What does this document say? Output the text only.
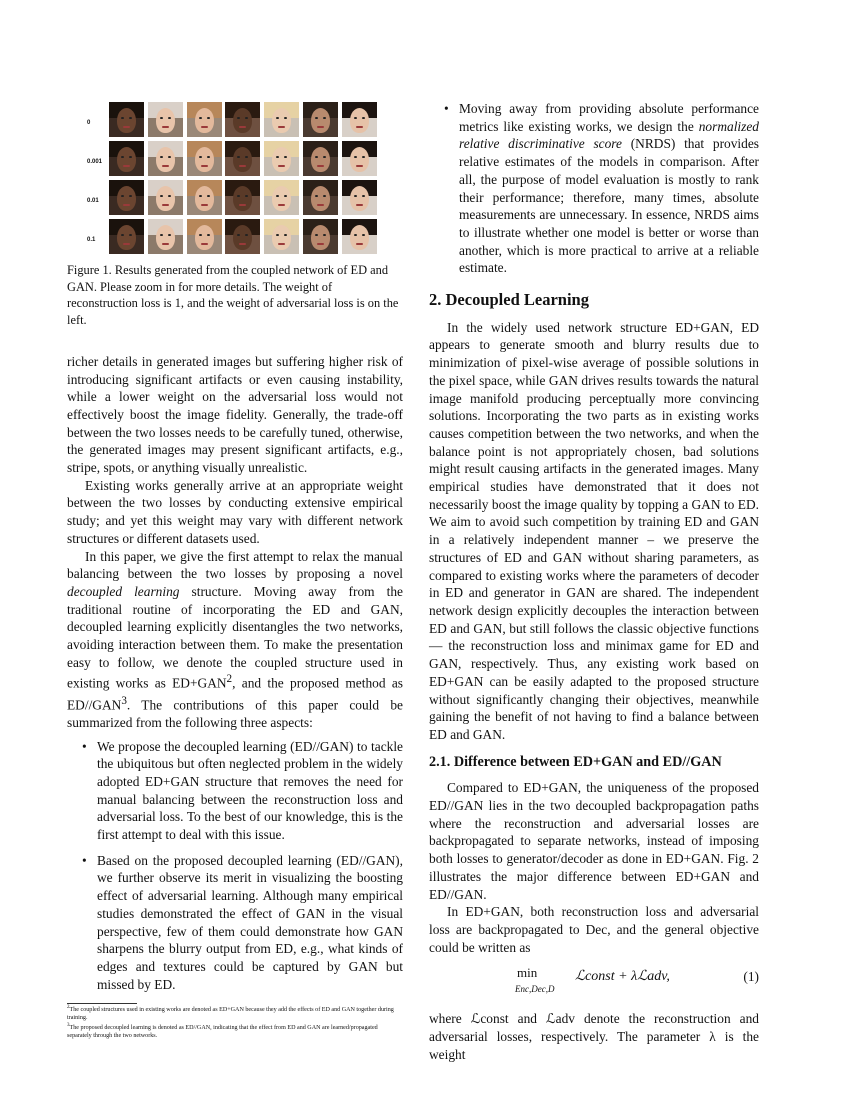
0
0.001
0.01
0.1
Figure 1. Results generated from the coupled network of ED and GAN. Please zoom in for more details. The weight of reconstruction loss is 1, and the weight of adversarial loss is on the left.

richer details in generated images but suffering higher risk of introducing significant artifacts or even causing instability, while a lower weight on the adversarial loss would not effectively boost the image fidelity. Generally, the trade-off between the two losses needs to be carefully tuned, otherwise, the generated images may present significant artifacts, e.g., stripe, spots, or anything visually unrealistic.

Existing works generally arrive at an appropriate weight between the two losses by conducting extensive empirical study; and yet this weight may vary with different network structures or different datasets used.

In this paper, we give the first attempt to relax the manual balancing between the two losses by proposing a novel decoupled learning structure. Moving away from the traditional routine of incorporating the ED and GAN, decoupled learning explicitly disentangles the two networks, avoiding interaction between them. To make the presentation easy to follow, we denote the coupled structure used in existing works as $ED+GAN^2$, and the proposed method as ED//GAN$^3$. The contributions of this paper could be summarized from the following three aspects:

• We propose the decoupled learning (ED//GAN) to tackle the ubiquitous but often neglected problem in the widely adopted ED+GAN structure that removes the need for manual balancing between the reconstruction loss and adversarial loss. To the best of our knowledge, this is the first attempt to deal with this issue.
• Based on the proposed decoupled learning (ED//GAN), we further observe its merit in visualizing the boosting effect of adversarial learning. Although many empirical studies demonstrated the effect of GAN in the visual perspective, few of them could demonstrate how GAN sharpens the blurry output from ED, e.g., what kinds of edges and textures could be captured by GAN but missed by ED.
$^2$The coupled structures used in existing works are denoted as ED+GAN because they add the effects of ED and GAN together during training.
$^3$The proposed decoupled learning is denoted as ED//GAN, indicating that the effect from ED and GAN are learned/propagated separately through the two networks.
• Moving away from providing absolute performance metrics like existing works, we design the normalized relative discriminative score (NRDS) that provides relative estimates of the models in comparison. After all, the purpose of model evaluation is mostly to rank their performance; therefore, many times, absolute measurements are unnecessary. In essence, NRDS aims to illustrate whether one model is better or worse than another, which is more practical to arrive at a reliable estimate.
2. Decoupled Learning

In the widely used network structure ED+GAN, ED appears to generate smooth and blurry results due to minimization of pixel-wise average of possible solutions in the pixel space, while GAN drives results towards the natural image manifold producing perceptually more convincing solutions. Incorporating the two parts as in existing works causes competition between the two networks, and when the balance point is not appropriately chosen, bad solutions might result causing artifacts in the generated images. Many empirical studies have demonstrated that it does not necessarily boost the image quality by topping a GAN to ED. We aim to avoid such competition by training ED and GAN in a relatively independent manner – we preserve the structures of ED and GAN without sharing parameters, as compared to existing works where the parameters of decoder in ED and generator in GAN are shared. The independent network design explicitly decouples the interaction between ED and GAN, but still follows the classic objective functions — the reconstruction loss and minimax game for ED and GAN, respectively. Thus, any existing work based on ED+GAN can be easily adapted to the proposed structure without significantly changing their objectives, meanwhile gaining the benefit of not having to find a balance between ED and GAN.

2.1. Difference between ED+GAN and ED//GAN

Compared to ED+GAN, the uniqueness of the proposed ED//GAN lies in the two decoupled backpropagation paths where the reconstruction and adversarial losses are backpropagated to separate networks, instead of imposing both losses to generator/decoder as done in ED+GAN. Fig. 2 illustrates the major difference between ED+GAN and ED//GAN.

In ED+GAN, both reconstruction loss and adversarial loss are backpropagated to Dec, and the general objective could be written as

min
Enc,Dec,D
ℒconst + λℒadv,	(1)

where ℒconst and ℒadv denote the reconstruction and adversarial losses, respectively. The parameter λ is the weight
